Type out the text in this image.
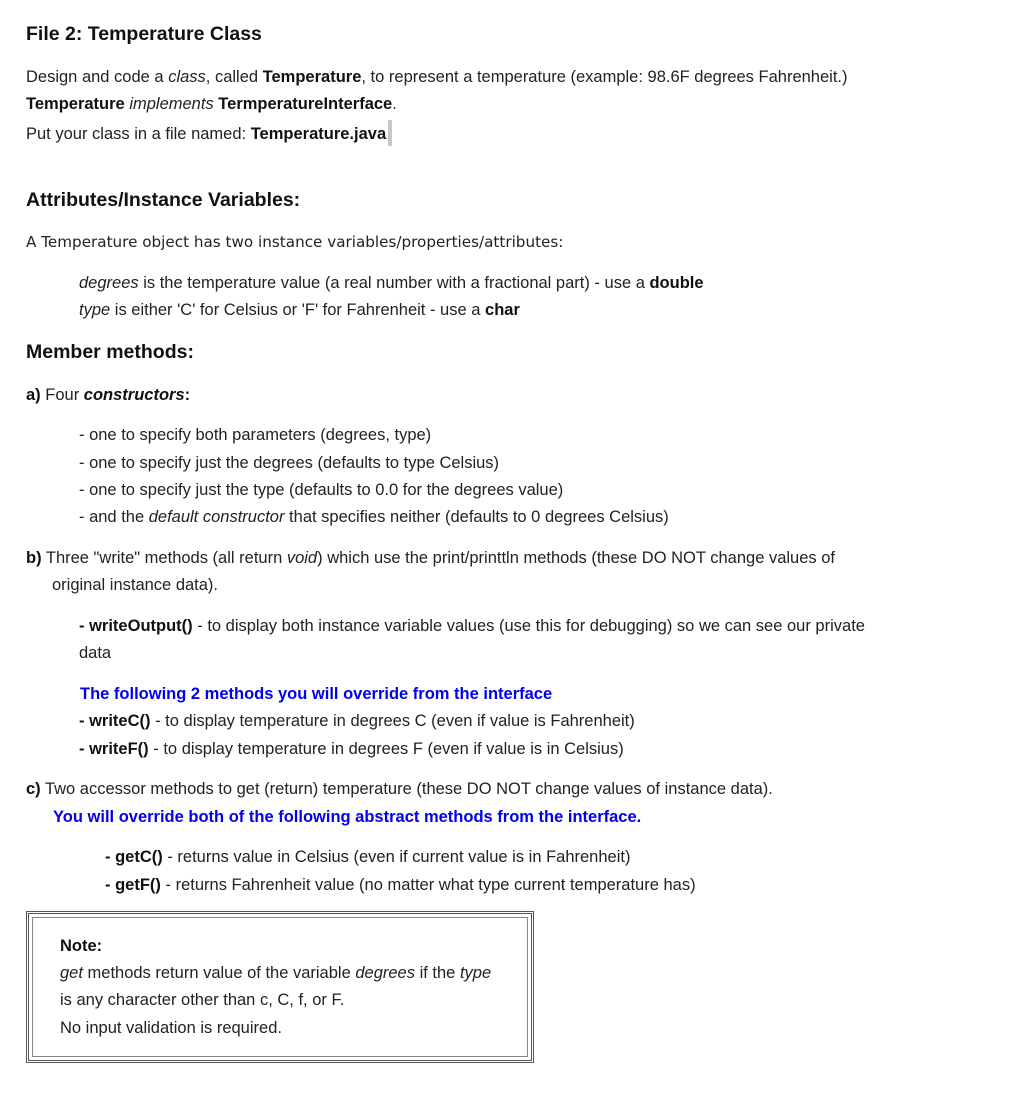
File 2: Temperature Class
Design and code a class, called Temperature, to represent a temperature (example: 98.6F degrees Fahrenheit.)
Temperature implements TermperatureInterface.
Put your class in a file named: Temperature.java
Attributes/Instance Variables:
A Temperature object has two instance variables/properties/attributes:
degrees is the temperature value (a real number with a fractional part) - use a double
type is either 'C' for Celsius or 'F' for Fahrenheit - use a char
Member methods:
a) Four constructors:
- one to specify both parameters (degrees, type)
- one to specify just the degrees (defaults to type Celsius)
- one to specify just the type (defaults to 0.0 for the degrees value)
- and the default constructor that specifies neither (defaults to 0 degrees Celsius)
b) Three "write" methods (all return void) which use the print/printtln methods (these DO NOT change values of
original instance data).
- writeOutput() - to display both instance variable values (use this for debugging) so we can see our private
data
The following 2 methods you will override from the interface
- writeC() - to display temperature in degrees C (even if value is Fahrenheit)
- writeF() - to display temperature in degrees F (even if value is in Celsius)
c) Two accessor methods to get (return) temperature (these DO NOT change values of instance data).
You will override both of the following abstract methods from the interface.
- getC() - returns value in Celsius (even if current value is in Fahrenheit)
- getF() - returns Fahrenheit value (no matter what type current temperature has)
Note:
get methods return value of the variable degrees if the type
is any character other than c, C, f, or F.
No input validation is required.
